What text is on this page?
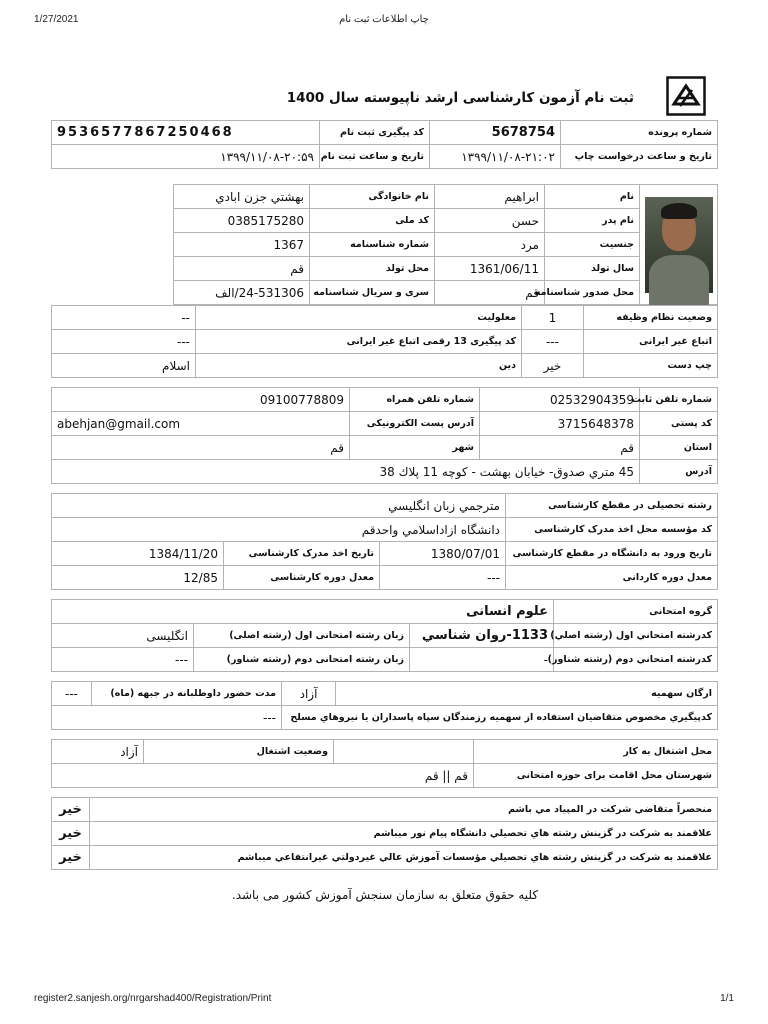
1/27/2021	چاپ اطلاعات ثبت نام
ثبت نام آزمون کارشناسی ارشد ناپیوسته سال 1400
شماره پرونده	5678754	کد پیگیری ثبت نام	9536577867250468
تاریخ و ساعت درخواست چاپ	۱۳۹۹/۱۱/۰۸-۲۱:۰۲	تاریخ و ساعت ثبت نام	۱۳۹۹/۱۱/۰۸-۲۰:۵۹
	نام	ابراهيم	نام خانوادگی	بهشتي جزن ابادي
	نام پدر	حسن	کد ملی	0385175280
	جنسیت	مرد	شماره شناسنامه	1367
	سال تولد	1361/06/11	محل تولد	قم
	محل صدور شناسنامه	قم	سری و سریال شناسنامه	24-531306/الف
وضعیت نظام وظیفه	1	معلولیت	--
اتباع غیر ایرانی	---	کد پیگیری 13 رقمی اتباع غیر ایرانی	---
چپ دست	خير	دین	اسلام
شماره تلفن ثابت	02532904359	شماره تلفن همراه	09100778809
کد پستی	3715648378	آدرس پست الکترونیکی	abehjan@gmail.com
استان	قم	شهر	قم
آدرس	45 متري صدوق- خيابان بهشت - کوچه 11 پلاك 38		
رشته تحصیلی در مقطع کارشناسی	مترجمي زبان انگليسي		
کد مؤسسه محل اخذ مدرک کارشناسی	دانشگاه ازاداسلامي واحدقم		
تاریخ ورود به دانشگاه در مقطع کارشناسی	1380/07/01	تاریخ اخذ مدرک کارشناسی	1384/11/20
معدل دوره کاردانی	---	معدل دوره کارشناسی	12/85
گروه امتحانی	علوم انسانی		
کدرشته امتحاني اول (رشته اصلي)	1133-روان شناسي	زبان رشته امتحانی اول (رشته اصلی)	انگلیسی
کدرشته امتحاني دوم (رشته شناور)	-	زبان رشته امتحانی دوم (رشته شناور)	---
ارگان سهمیه	آزاد	مدت حضور داوطلبانه در جبهه (ماه)	---
کدپيگيري مخصوص متقاضيان استفاده از سهميه رزمندگان سپاه پاسداران يا نيروهاي مسلح		---	
محل اشتغال به کار		وضعیت اشتغال	آزاد
شهرستان محل اقامت برای حوزه امتحانی	قم || قم		
منحصراً متقاضي شرکت در المپياد مي باشم	خير
علاقمند به شرکت در گزينش رشته هاي تحصيلي دانشگاه پيام نور ميباشم	خير
علاقمند به شرکت در گزينش رشته هاي تحصيلي مؤسسات آموزش عالي غيردولتي غيرانتفاعي ميباشم	خير
کلیه حقوق متعلق به سازمان سنجش آموزش کشور می باشد.
register2.sanjesh.org/nrgarshad400/Registration/Print	1/1
